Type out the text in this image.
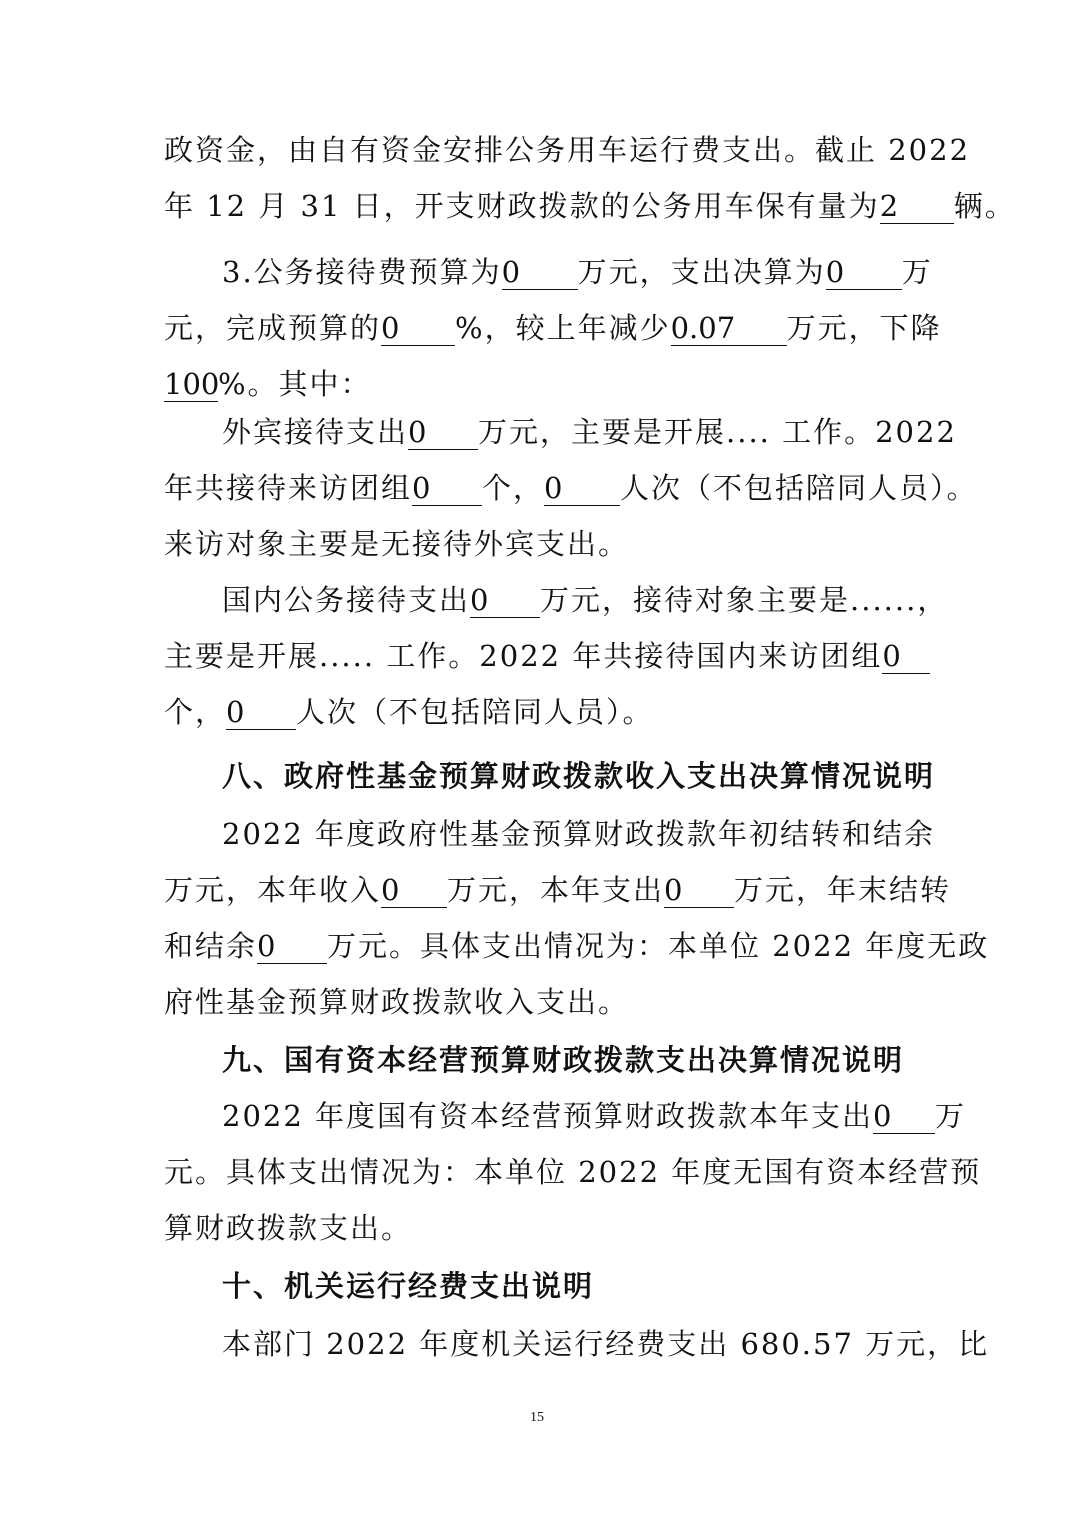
政资金，由自有资金安排公务用车运行费支出。截止 2022
年 12 月 31 日，开支财政拨款的公务用车保有量为2 辆。
3.公务接待费预算为0 万元，支出决算为0 万
元，完成预算的0 %，较上年减少0.07 万元，下降
100%。其中：
外宾接待支出0 万元，主要是开展.... 工作。2022
年共接待来访团组0 个，0 人次（不包括陪同人员）。
来访对象主要是无接待外宾支出。
国内公务接待支出0 万元，接待对象主要是......，
主要是开展..... 工作。2022 年共接待国内来访团组0
个，0 人次（不包括陪同人员）。
八、政府性基金预算财政拨款收入支出决算情况说明
2022 年度政府性基金预算财政拨款年初结转和结余
万元，本年收入0 万元，本年支出0 万元，年末结转
和结余0 万元。具体支出情况为：本单位 2022 年度无政
府性基金预算财政拨款收入支出。
九、国有资本经营预算财政拨款支出决算情况说明
2022 年度国有资本经营预算财政拨款本年支出0 万
元。具体支出情况为：本单位 2022 年度无国有资本经营预
算财政拨款支出。
十、机关运行经费支出说明
本部门 2022 年度机关运行经费支出 680.57 万元，比
15
